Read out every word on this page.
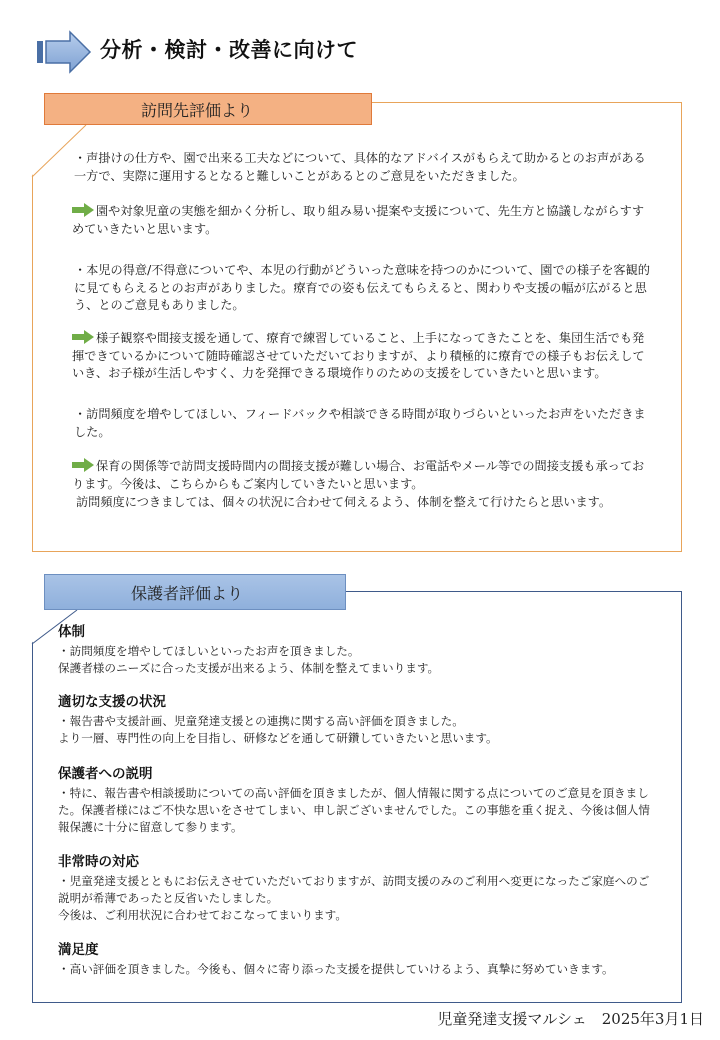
分析・検討・改善に向けて
訪問先評価より

・声掛けの仕方や、園で出来る工夫などについて、具体的なアドバイスがもらえて助かるとのお声がある一方で、実際に運用するとなると難しいことがあるとのご意見をいただきました。

園や対象児童の実態を細かく分析し、取り組み易い提案や支援について、先生方と協議しながらすすめていきたいと思います。

・本児の得意/不得意についてや、本児の行動がどういった意味を持つのかについて、園での様子を客観的に見てもらえるとのお声がありました。療育での姿も伝えてもらえると、関わりや支援の幅が広がると思う、とのご意見もありました。

様子観察や間接支援を通して、療育で練習していること、上手になってきたことを、集団生活でも発揮できているかについて随時確認させていただいておりますが、より積極的に療育での様子もお伝えしていき、お子様が生活しやすく、力を発揮できる環境作りのための支援をしていきたいと思います。

・訪問頻度を増やしてほしい、フィードバックや相談できる時間が取りづらいといったお声をいただきました。

保育の関係等で訪問支援時間内の間接支援が難しい場合、お電話やメール等での間接支援も承っております。今後は、こちらからもご案内していきたいと思います。

訪問頻度につきましては、個々の状況に合わせて伺えるよう、体制を整えて行けたらと思います。

保護者評価より

体制

・訪問頻度を増やしてほしいといったお声を頂きました。

保護者様のニーズに合った支援が出来るよう、体制を整えてまいります。

適切な支援の状況

・報告書や支援計画、児童発達支援との連携に関する高い評価を頂きました。

より一層、専門性の向上を目指し、研修などを通して研鑽していきたいと思います。

保護者への説明

・特に、報告書や相談援助についての高い評価を頂きましたが、個人情報に関する点についてのご意見を頂きました。保護者様にはご不快な思いをさせてしまい、申し訳ございませんでした。この事態を重く捉え、今後は個人情報保護に十分に留意して参ります。

非常時の対応

・児童発達支援とともにお伝えさせていただいておりますが、訪問支援のみのご利用へ変更になったご家庭へのご説明が希薄であったと反省いたしました。

今後は、ご利用状況に合わせておこなってまいります。

満足度

・高い評価を頂きました。今後も、個々に寄り添った支援を提供していけるよう、真摯に努めていきます。

児童発達支援マルシェ　2025年3月1日
